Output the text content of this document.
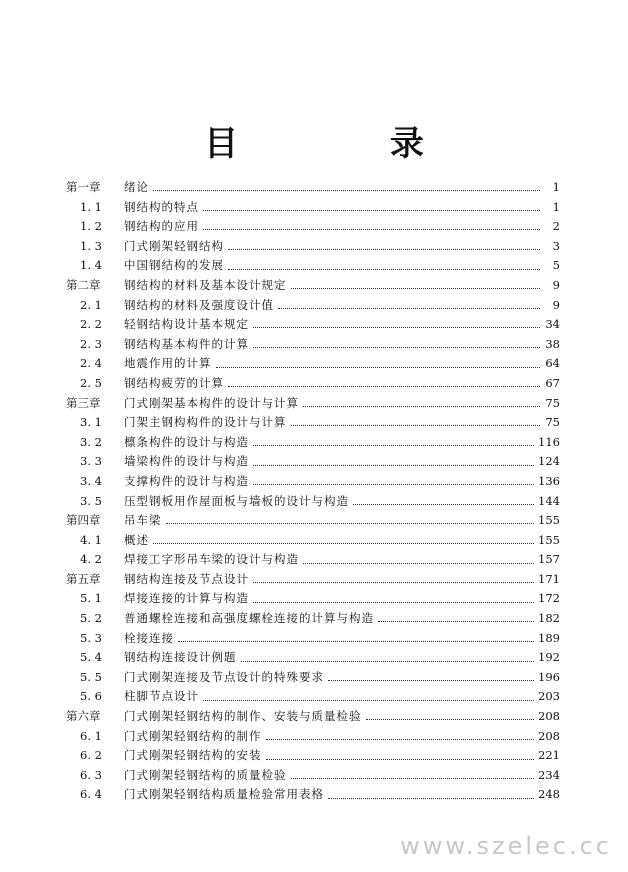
目 录
第一章	绪论	1
1. 1	钢结构的特点	1
1. 2	钢结构的应用	2
1. 3	门式刚架轻钢结构	3
1. 4	中国钢结构的发展	5
第二章	钢结构的材料及基本设计规定	9
2. 1	钢结构的材料及强度设计值	9
2. 2	轻钢结构设计基本规定	34
2. 3	钢结构基本构件的计算	38
2. 4	地震作用的计算	64
2. 5	钢结构疲劳的计算	67
第三章	门式刚架基本构件的设计与计算	75
3. 1	门架主钢构构件的设计与计算	75
3. 2	檩条构件的设计与构造	116
3. 3	墙梁构件的设计与构造	124
3. 4	支撑构件的设计与构造	136
3. 5	压型钢板用作屋面板与墙板的设计与构造	144
第四章	吊车梁	155
4. 1	概述	155
4. 2	焊接工字形吊车梁的设计与构造	157
第五章	钢结构连接及节点设计	171
5. 1	焊接连接的计算与构造	172
5. 2	普通螺栓连接和高强度螺栓连接的计算与构造	182
5. 3	栓接连接	189
5. 4	钢结构连接设计例题	192
5. 5	门式刚架连接及节点设计的特殊要求	196
5. 6	柱脚节点设计	203
第六章	门式刚架轻钢结构的制作、安装与质量检验	208
6. 1	门式刚架轻钢结构的制作	208
6. 2	门式刚架轻钢结构的安装	221
6. 3	门式刚架轻钢结构的质量检验	234
6. 4	门式刚架轻钢结构质量检验常用表格	248
www.szelec.cc
